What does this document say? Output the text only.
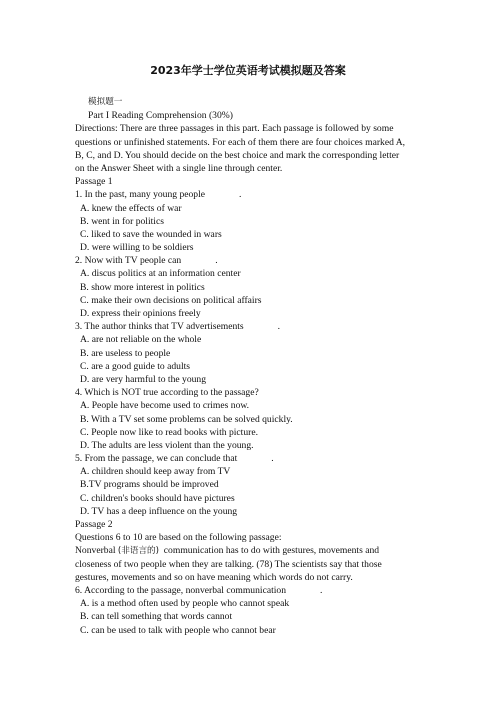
2023年学士学位英语考试模拟题及答案
模拟题一
Part I Reading Comprehension (30%)
Directions: There are three passages in this part. Each passage is followed by some
questions or unfinished statements. For each of them there are four choices marked A,
B, C, and D. You should decide on the best choice and mark the corresponding letter
on the Answer Sheet with a single line through center.
Passage 1
1. In the past, many young people	.
A. knew the effects of war
B. went in for politics
C. liked to save the wounded in wars
D. were willing to be soldiers
2. Now with TV people can	.
A. discus politics at an information center
B. show more interest in politics
C. make their own decisions on political affairs
D. express their opinions freely
3. The author thinks that TV advertisements	.
A. are not reliable on the whole
B. are useless to people
C. are a good guide to adults
D. are very harmful to the young
4. Which is NOT true according to the passage?
A. People have become used to crimes now.
B. With a TV set some problems can be solved quickly.
C. People now like to read books with picture.
D. The adults are less violent than the young.
5. From the passage, we can conclude that	.
A. children should keep away from TV
B.TV programs should be improved
C. children's books should have pictures
D. TV has a deep influence on the young
Passage 2
Questions 6 to 10 are based on the following passage:
Nonverbal (非语言的) communication has to do with gestures, movements and
closeness of two people when they are talking. (78) The scientists say that those
gestures, movements and so on have meaning which words do not carry.
6. According to the passage, nonverbal communication	.
A. is a method often used by people who cannot speak
B. can tell something that words cannot
C. can be used to talk with people who cannot bear
